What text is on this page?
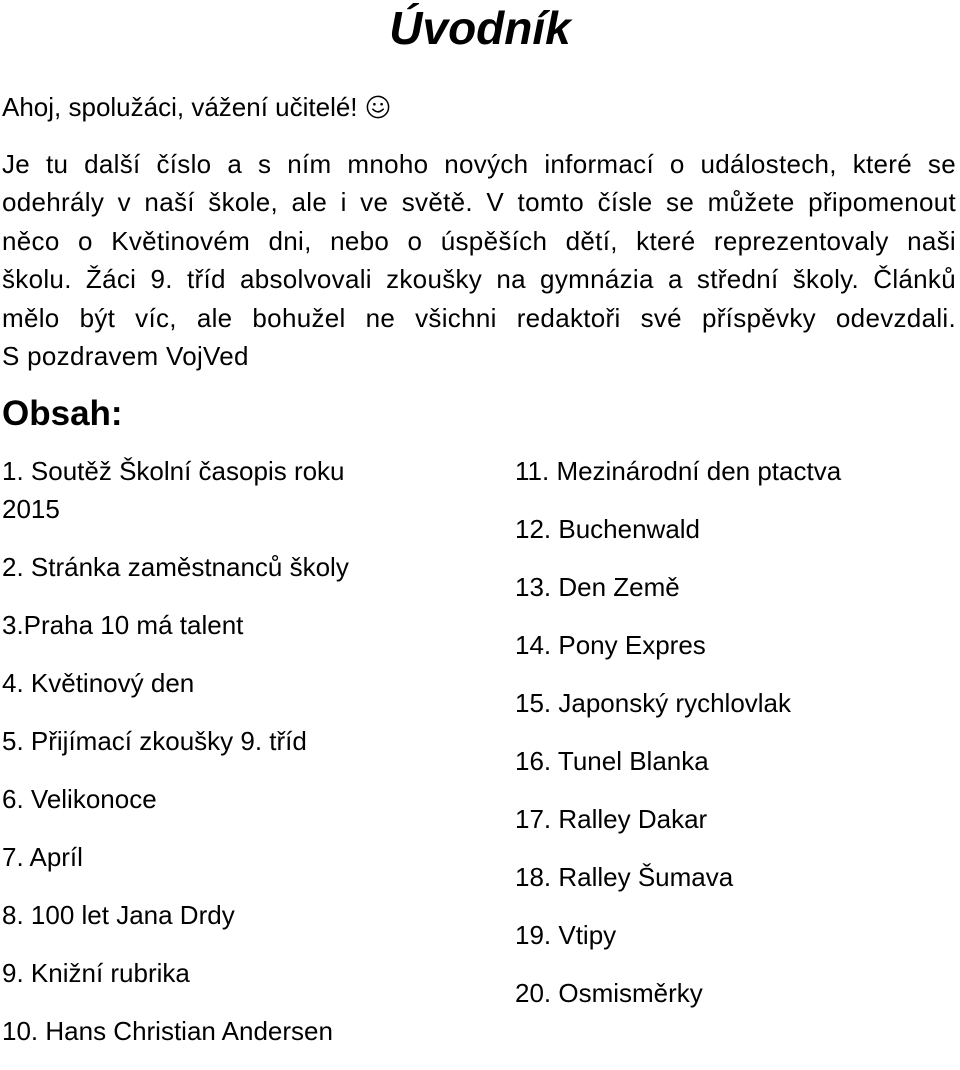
Úvodník
Ahoj, spolužáci, vážení učitelé!
Je tu další číslo a s ním mnoho nových informací o událostech, které se
odehrály v naší škole, ale i ve světě. V tomto čísle se můžete připomenout
něco o Květinovém dni, nebo o úspěších dětí, které reprezentovaly naši
školu. Žáci 9. tříd absolvovali zkoušky na gymnázia a střední školy. Článků
mělo být víc, ale bohužel ne všichni redaktoři své příspěvky odevzdali.
S pozdravem VojVed
Obsah:
1. Soutěž Školní časopis roku 2015
2. Stránka zaměstnanců školy
3.Praha 10 má talent
4. Květinový den
5. Přijímací zkoušky 9. tříd
6. Velikonoce
7. Apríl
8. 100 let Jana Drdy
9. Knižní rubrika
10. Hans Christian Andersen
11. Mezinárodní den ptactva
12. Buchenwald
13. Den Země
14. Pony Expres
15. Japonský rychlovlak
16. Tunel Blanka
17. Ralley Dakar
18. Ralley Šumava
19. Vtipy
20. Osmisměrky
